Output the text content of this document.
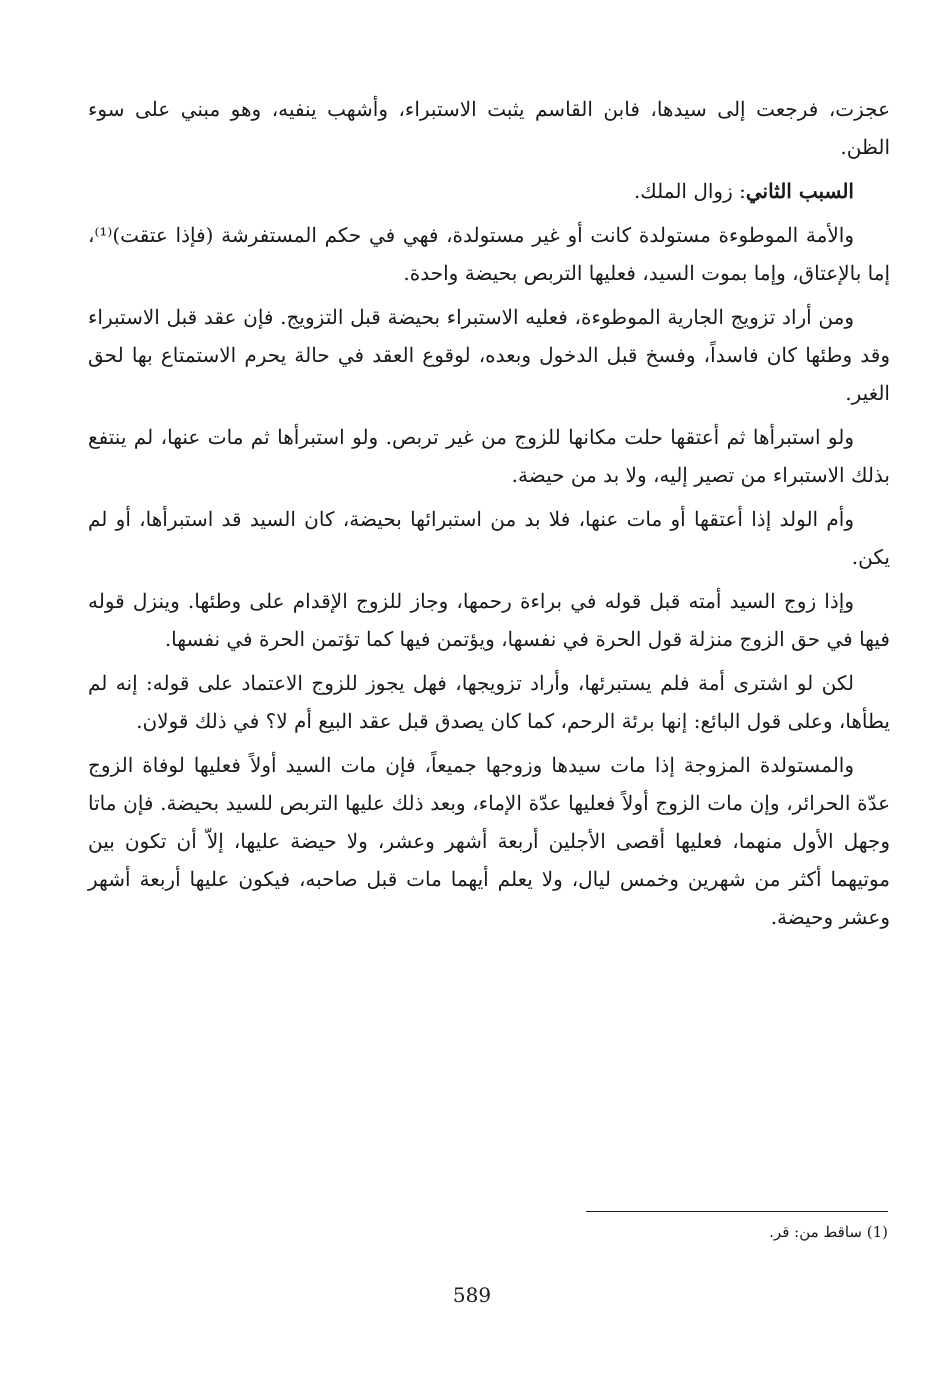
عجزت، فرجعت إلى سيدها، فابن القاسم يثبت الاستبراء، وأشهب ينفيه، وهو مبني على سوء الظن.

السبب الثاني: زوال الملك.

والأمة الموطوءة مستولدة كانت أو غير مستولدة، فهي في حكم المستفرشة (فإذا عتقت)⁽¹⁾، إما بالإعتاق، وإما بموت السيد، فعليها التربص بحيضة واحدة.

ومن أراد تزويج الجارية الموطوءة، فعليه الاستبراء بحيضة قبل التزويج. فإن عقد قبل الاستبراء وقد وطئها كان فاسداً، وفسخ قبل الدخول وبعده، لوقوع العقد في حالة يحرم الاستمتاع بها لحق الغير.

ولو استبرأها ثم أعتقها حلت مكانها للزوج من غير تربص. ولو استبرأها ثم مات عنها، لم ينتفع بذلك الاستبراء من تصير إليه، ولا بد من حيضة.

وأم الولد إذا أعتقها أو مات عنها، فلا بد من استبرائها بحيضة، كان السيد قد استبرأها، أو لم يكن.

وإذا زوج السيد أمته قبل قوله في براءة رحمها، وجاز للزوج الإقدام على وطئها. وينزل قوله فيها في حق الزوج منزلة قول الحرة في نفسها، ويؤتمن فيها كما تؤتمن الحرة في نفسها.

لكن لو اشترى أمة فلم يستبرئها، وأراد تزويجها، فهل يجوز للزوج الاعتماد على قوله: إنه لم يطأها، وعلى قول البائع: إنها برئة الرحم، كما كان يصدق قبل عقد البيع أم لا؟ في ذلك قولان.

والمستولدة المزوجة إذا مات سيدها وزوجها جميعاً، فإن مات السيد أولاً فعليها لوفاة الزوج عدّة الحرائر، وإن مات الزوج أولاً فعليها عدّة الإماء، وبعد ذلك عليها التربص للسيد بحيضة. فإن ماتا وجهل الأول منهما، فعليها أقصى الأجلين أربعة أشهر وعشر، ولا حيضة عليها، إلاّ أن تكون بين موتيهما أكثر من شهرين وخمس ليال، ولا يعلم أيهما مات قبل صاحبه، فيكون عليها أربعة أشهر وعشر وحيضة.

(1) ساقط من: قر.
589
